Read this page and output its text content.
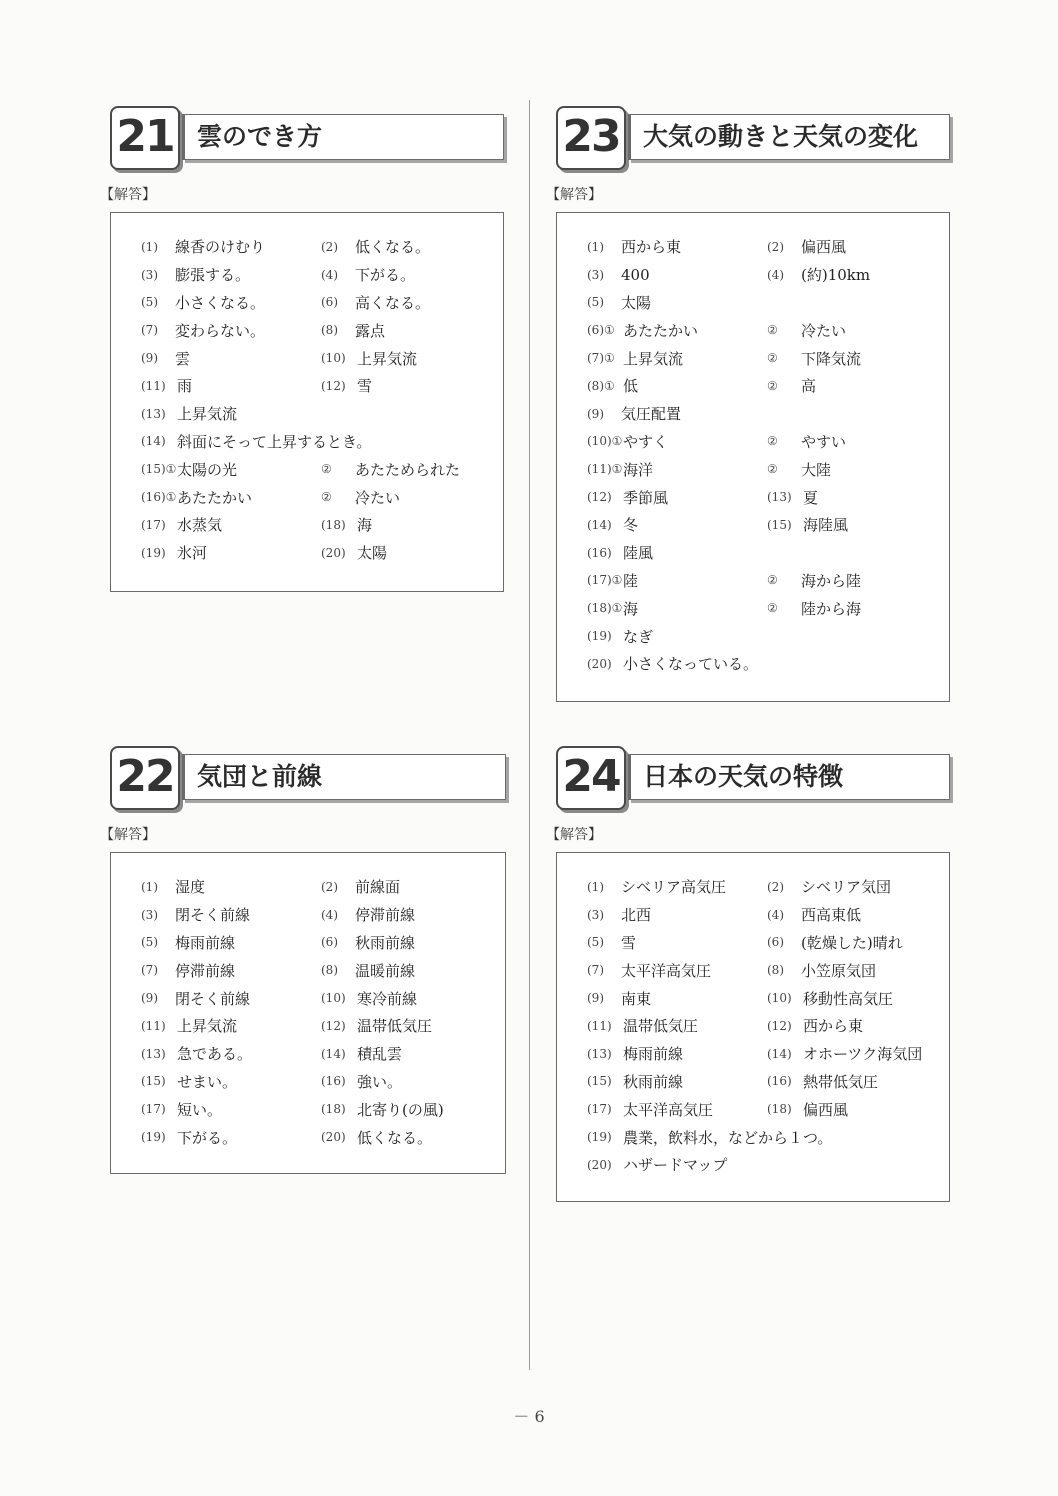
21 雲のでき方
【解答】
(1)	線香のけむり	(2)	低くなる。
(3)	膨張する。	(4)	下がる。
(5)	小さくなる。	(6)	高くなる。
(7)	変わらない。	(8)	露点
(9)	雲	(10) 上昇気流
(11) 雨	(12) 雪
(13) 上昇気流
(14) 斜面にそって上昇するとき。
(15)① 太陽の光	②	あたためられた
(16)① あたたかい	②	冷たい
(17) 水蒸気	(18) 海
(19) 氷河	(20) 太陽
22 気団と前線
【解答】
(1)	湿度	(2)	前線面
(3)	閉そく前線	(4)	停滞前線
(5)	梅雨前線	(6)	秋雨前線
(7)	停滞前線	(8)	温暖前線
(9)	閉そく前線	(10) 寒冷前線
(11) 上昇気流	(12) 温帯低気圧
(13) 急である。	(14) 積乱雲
(15) せまい。	(16) 強い。
(17) 短い。	(18) 北寄り(の風)
(19) 下がる。	(20) 低くなる。
23 大気の動きと天気の変化
【解答】
(1)	西から東	(2)	偏西風
(3)	400	(4)	(約)10km
(5)	太陽
(6)① あたたかい	②	冷たい
(7)① 上昇気流	②	下降気流
(8)① 低	②	高
(9)	気圧配置
(10)① やすく	②	やすい
(11)① 海洋	②	大陸
(12) 季節風	(13) 夏
(14) 冬	(15) 海陸風
(16) 陸風
(17)① 陸	②	海から陸
(18)① 海	②	陸から海
(19) なぎ
(20) 小さくなっている。
24 日本の天気の特徴
【解答】
(1)	シベリア高気圧	(2)	シベリア気団
(3)	北西	(4)	西高東低
(5)	雪	(6)	(乾燥した)晴れ
(7)	太平洋高気圧	(8)	小笠原気団
(9)	南東	(10) 移動性高気圧
(11) 温帯低気圧	(12) 西から東
(13) 梅雨前線	(14) オホーツク海気団
(15) 秋雨前線	(16) 熱帯低気圧
(17) 太平洋高気圧	(18) 偏西風
(19) 農業，飲料水，などから１つ。
(20) ハザードマップ
－ 6
